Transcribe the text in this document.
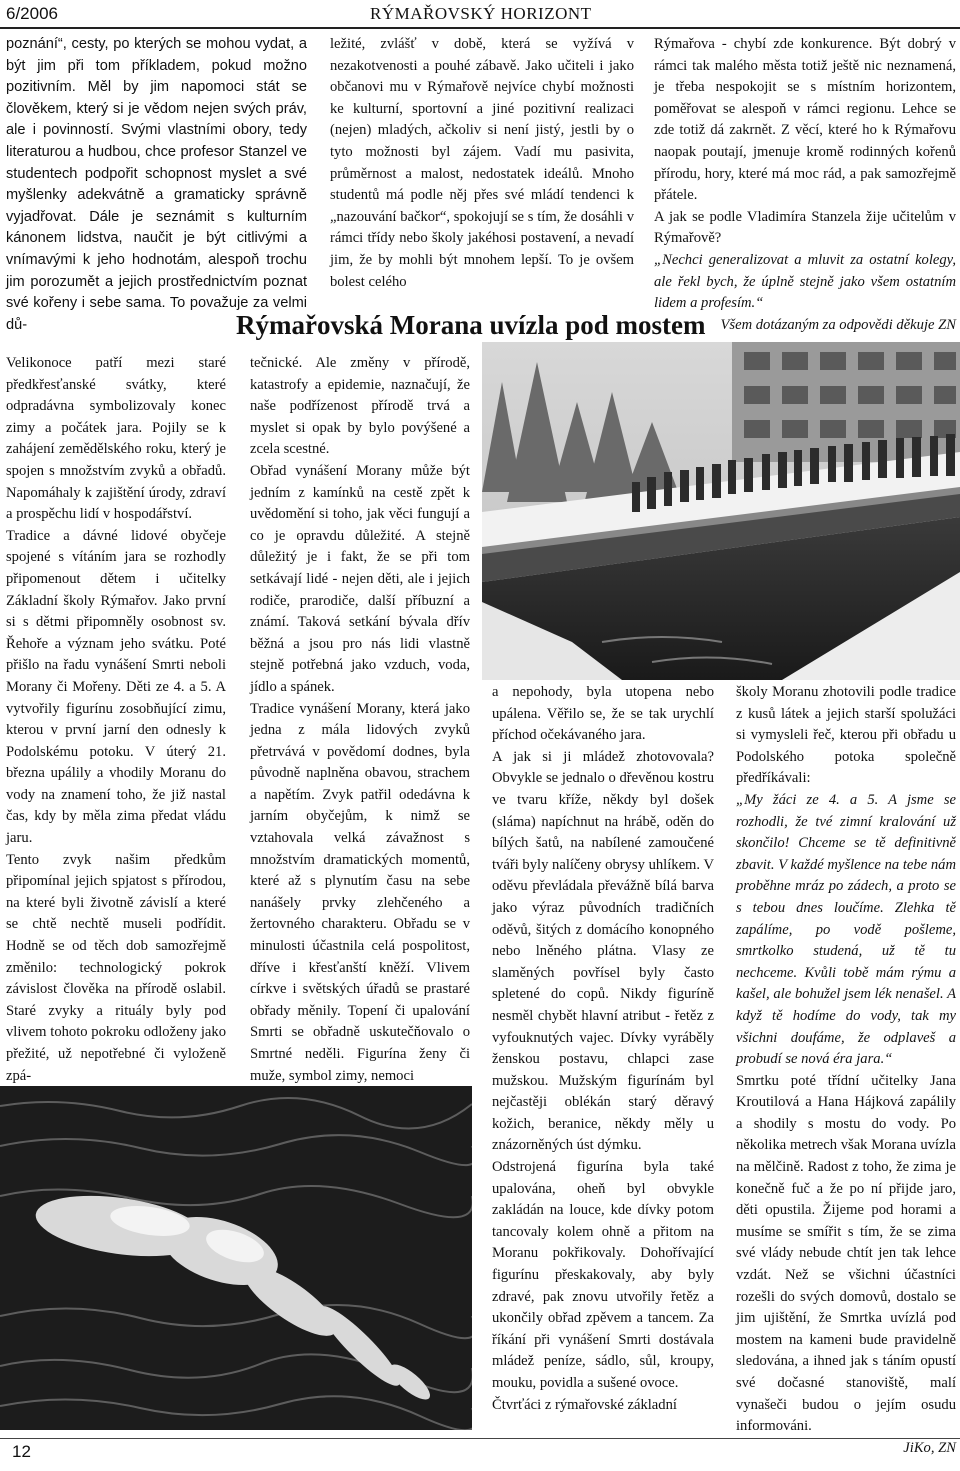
6/2006	RÝMAŘOVSKÝ HORIZONT

poznání“, cesty, po kterých se mohou vydat, a být jim při tom příkladem, pokud možno pozitivním. Měl by jim napomoci stát se člověkem, který si je vědom nejen svých práv, ale i povinností. Svými vlastními obory, tedy literaturou a hudbou, chce profesor Stanzel ve studentech podpořit schopnost myslet a své myšlenky adekvátně a gramaticky správně vyjadřovat. Dále je seznámit s kulturním kánonem lidstva, naučit je být citlivými a vnímavými k jeho hodnotám, alespoň trochu jim porozumět a jejich prostřednictvím poznat své kořeny i sebe sama. To považuje za velmi dů-

ležité, zvlášť v době, která se vyžívá v nezakotvenosti a pouhé zábavě. Jako učiteli i jako občanovi mu v Rýmařově nejvíce chybí možnosti ke kulturní, sportovní a jiné pozitivní realizaci (nejen) mladých, ačkoliv si není jistý, jestli by o tyto možnosti byl zájem. Vadí mu pasivita, průměrnost a malost, nedostatek ideálů. Mnoho studentů má podle něj přes své mládí tendenci k „nazouvání bačkor“, spokojují se s tím, že dosáhli v rámci třídy nebo školy jakéhosi postavení, a nevadí jim, že by mohli být mnohem lepší. To je ovšem bolest celého

Rýmařova - chybí zde konkurence. Být dobrý v rámci tak malého města totiž ještě nic neznamená, je třeba nespokojit se s místním horizontem, poměřovat se alespoň v rámci regionu. Lehce se zde totiž dá zakrnět. Z věcí, které ho k Rýmařovu naopak poutají, jmenuje kromě rodinných kořenů přírodu, hory, které má moc rád, a pak samozřejmě přátele.

A jak se podle Vladimíra Stanzela žije učitelům v Rýmařově?

„Nechci generalizovat a mluvit za ostatní kolegy, ale řekl bych, že úplně stejně jako všem ostatním lidem a profesím.“

Všem dotázaným za odpovědi děkuje ZN

Rýmařovská Morana uvízla pod mostem

Velikonoce patří mezi staré předkřesťanské svátky, které odpradávna symbolizovaly konec zimy a počátek jara. Pojily se k zahájení zemědělského roku, který je spojen s množstvím zvyků a obřadů. Napomáhaly k zajištění úrody, zdraví a prospěchu lidí v hospodářství.

Tradice a dávné lidové obyčeje spojené s vítáním jara se rozhodly připomenout dětem i učitelky Základní školy Rýmařov. Jako první si s dětmi připomněly osobnost sv. Řehoře a význam jeho svátku. Poté přišlo na řadu vynášení Smrti neboli Morany či Mořeny. Děti ze 4. a 5. A vytvořily figurínu zosobňující zimu, kterou v první jarní den odnesly k Podolskému potoku. V úterý 21. března upálily a vhodily Moranu do vody na znamení toho, že již nastal čas, kdy by měla zima předat vládu jaru.

Tento zvyk našim předkům připomínal jejich spjatost s přírodou, na které byli životně závislí a které se chtě nechtě museli podřídit. Hodně se od těch dob samozřejmě změnilo: technologický pokrok závislost člověka na přírodě oslabil. Staré zvyky a rituály byly pod vlivem tohoto pokroku odloženy jako přežité, už nepotřebné či vyloženě zpá-

tečnické. Ale změny v přírodě, katastrofy a epidemie, naznačují, že naše podřízenost přírodě trvá a myslet si opak by bylo povýšené a zcela scestné.

Obřad vynášení Morany může být jedním z kamínků na cestě zpět k uvědomění si toho, jak věci fungují a co je opravdu důležité. A stejně důležitý je i fakt, že se při tom setkávají lidé - nejen děti, ale i jejich rodiče, prarodiče, další příbuzní a známí. Taková setkání bývala dřív běžná a jsou pro nás lidi vlastně stejně potřebná jako vzduch, voda, jídlo a spánek.

Tradice vynášení Morany, která jako jedna z mála lidových zvyků přetrvává v povědomí dodnes, byla původně naplněna obavou, strachem a napětím. Zvyk patřil odedávna k jarním obyčejům, k nimž se vztahovala velká závažnost s množstvím dramatických momentů, které až s plynutím času na sebe nanášely prvky zlehčeného a žertovného charakteru. Obřadu se v minulosti účastnila celá pospolitost, dříve i křesťanští kněží. Vlivem církve i světských úřadů se prastaré obřady měnily. Topení či upalování Smrti se obřadně uskutečňovalo o Smrtné neděli. Figurína ženy či muže, symbol zimy, nemoci

a nepohody, byla utopena nebo upálena. Věřilo se, že se tak urychlí příchod očekávaného jara.

A jak si ji mládež zhotovovala? Obvykle se jednalo o dřevěnou kostru ve tvaru kříže, někdy byl došek (sláma) napíchnut na hrábě, oděn do bílých šatů, na nabílené zamoučené tváři byly nalíčeny obrysy uhlíkem. V oděvu převládala převážně bílá barva jako výraz původních tradičních oděvů, šitých z domácího konopného nebo lněného plátna. Vlasy ze slaměných povřísel byly často spletené do copů. Nikdy figuríně nesměl chybět hlavní atribut - řetěz z vyfouknutých vajec. Dívky vyráběly ženskou postavu, chlapci zase mužskou. Mužským figurínám byl nejčastěji oblékán starý děravý kožich, beranice, někdy měly u znázorněných úst dýmku.

Odstrojená figurína byla také upalována, oheň byl obvykle zakládán na louce, kde dívky potom tancovaly kolem ohně a přitom na Moranu pokřikovaly. Dohořívající figurínu přeskakovaly, aby byly zdravé, pak znovu utvořily řetěz a ukončily obřad zpěvem a tancem. Za říkání při vynášení Smrti dostávala mládež peníze, sádlo, sůl, kroupy, mouku, povidla a sušené ovoce.

Čtvrťáci z rýmařovské základní

školy Moranu zhotovili podle tradice z kusů látek a jejich starší spolužáci si vymysleli řeč, kterou při obřadu u Podolského potoka společně předříkávali:

„My žáci ze 4. a 5. A jsme se rozhodli, že tvé zimní kralování už skončilo! Chceme se tě definitivně zbavit. V každé myšlence na tebe nám proběhne mráz po zádech, a proto se s tebou dnes loučíme. Zlehka tě zapálíme, po vodě pošleme, smrtkolko studená, už tě tu nechceme. Kvůli tobě mám rýmu a kašel, ale bohužel jsem lék nenašel. A když tě hodíme do vody, tak my všichni doufáme, že odplaveš a probudí se nová éra jara.“

Smrtku poté třídní učitelky Jana Kroutilová a Hana Hájková zapálily a shodily s mostu do vody. Po několika metrech však Morana uvízla na mělčině. Radost z toho, že zima je konečně fuč a že po ní přijde jaro, děti opustila. Žijeme pod horami a musíme se smířit s tím, že se zima své vlády nebude chtít jen tak lehce vzdát. Než se všichni účastníci rozešli do svých domovů, dostalo se jim ujištění, že Smrtka uvízlá pod mostem na kameni bude pravidelně sledována, a ihned jak s táním opustí své dočasné stanoviště, malí vynašeči budou o jejím osudu informováni.

JiKo, ZN

12
